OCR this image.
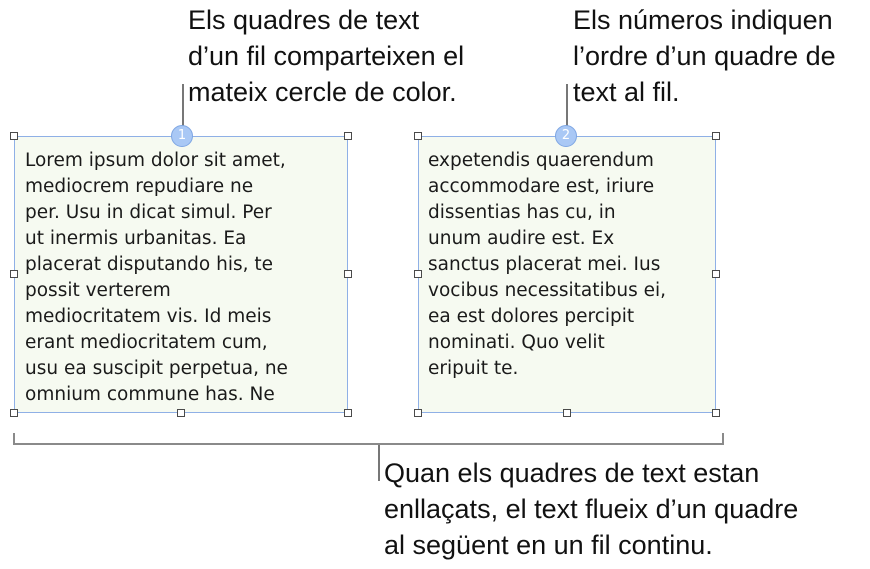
Els quadres de text
d’un fil comparteixen el
mateix cercle de color.
Els números indiquen
l’ordre d’un quadre de
text al fil.
Lorem ipsum dolor sit amet,
mediocrem repudiare ne
per. Usu in dicat simul. Per
ut inermis urbanitas. Ea
placerat disputando his, te
possit verterem
mediocritatem vis. Id meis
erant mediocritatem cum,
usu ea suscipit perpetua, ne
omnium commune has. Ne
1
expetendis quaerendum
accommodare est, iriure
dissentias has cu, in
unum audire est. Ex
sanctus placerat mei. Ius
vocibus necessitatibus ei,
ea est dolores percipit
nominati. Quo velit
eripuit te.
2
Quan els quadres de text estan
enllaçats, el text flueix d’un quadre
al següent en un fil continu.
